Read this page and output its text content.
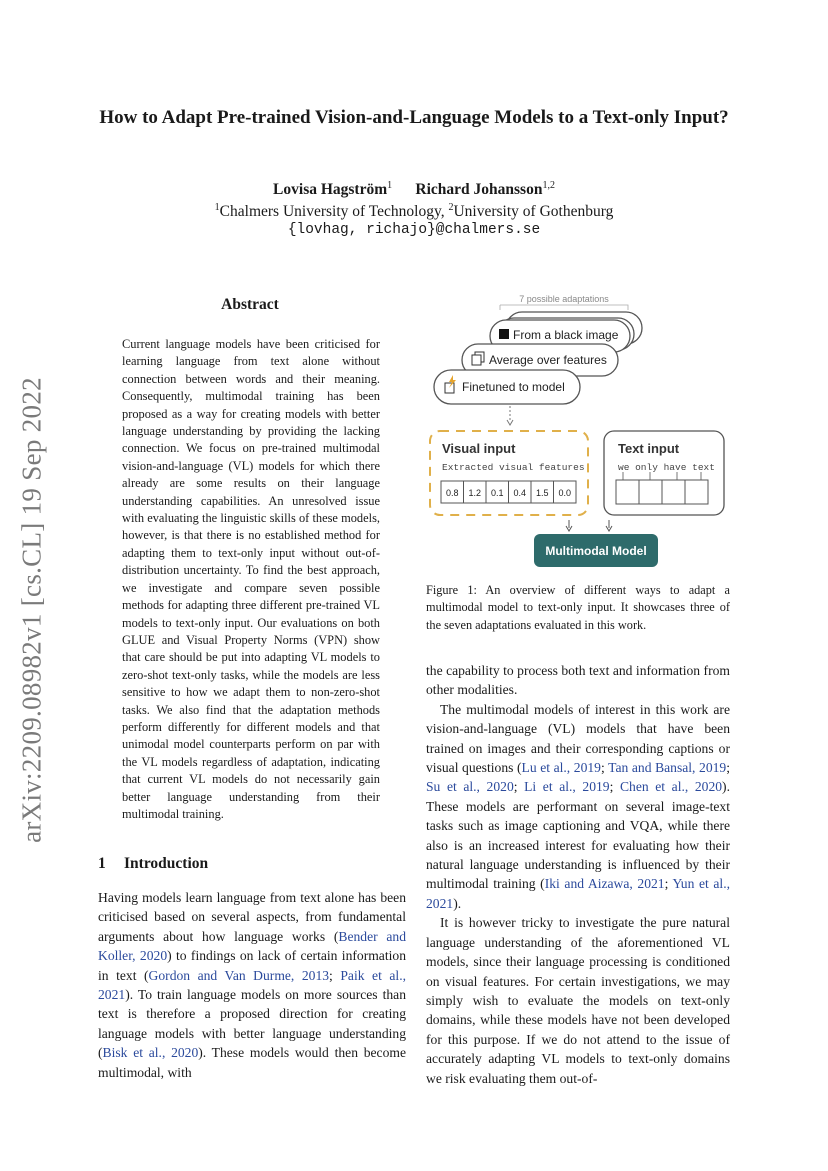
How to Adapt Pre-trained Vision-and-Language Models to a Text-only Input?
Lovisa Hagström$^1$ Richard Johansson$^{1,2}$
$^1$Chalmers University of Technology, $^2$University of Gothenburg
{lovhag, richajo}@chalmers.se
arXiv:2209.08982v1 [cs.CL] 19 Sep 2022
Abstract
Current language models have been criticised for learning language from text alone without connection between words and their meaning. Consequently, multimodal training has been proposed as a way for creating models with better language understanding by providing the lacking connection. We focus on pre-trained multimodal vision-and-language (VL) models for which there already are some results on their language understanding capabilities. An unresolved issue with evaluating the linguistic skills of these models, however, is that there is no established method for adapting them to text-only input without out-of-distribution uncertainty. To find the best approach, we investigate and compare seven possible methods for adapting three different pre-trained VL models to text-only input. Our evaluations on both GLUE and Visual Property Norms (VPN) show that care should be put into adapting VL models to zero-shot text-only tasks, while the models are less sensitive to how we adapt them to non-zero-shot tasks. We also find that the adaptation methods perform differently for different models and that unimodal model counterparts perform on par with the VL models regardless of adaptation, indicating that current VL models do not necessarily gain better language understanding from their multimodal training.
1 Introduction
Having models learn language from text alone has been criticised based on several aspects, from fundamental arguments about how language works (Bender and Koller, 2020) to findings on lack of certain information in text (Gordon and Van Durme, 2013; Paik et al., 2021). To train language models on more sources than text is therefore a proposed direction for creating language models with better language understanding (Bisk et al., 2020). These models would then become multimodal, with

the capability to process both text and information from other modalities.

The multimodal models of interest in this work are vision-and-language (VL) models that have been trained on images and their corresponding captions or visual questions (Lu et al., 2019; Tan and Bansal, 2019; Su et al., 2020; Li et al., 2019; Chen et al., 2020). These models are performant on several image-text tasks such as image captioning and VQA, while there also is an increased interest for evaluating how their natural language understanding is influenced by their multimodal training (Iki and Aizawa, 2021; Yun et al., 2021).

It is however tricky to investigate the pure natural language understanding of the aforementioned VL models, since their language processing is conditioned on visual features. For certain investigations, we may simply wish to evaluate the models on text-only domains, while these models have not been developed for this purpose. If we do not attend to the issue of accurately adapting VL models to text-only domains we risk evaluating them out-of-

7 possible adaptations
From a black image
Average over features
Finetuned to model
Visual input
Extracted visual features
0.8 1.2 0.1 0.4 1.5 0.0
Text input
we only have text
Multimodal Model
Figure 1: An overview of different ways to adapt a multimodal model to text-only input. It showcases three of the seven adaptations evaluated in this work.
